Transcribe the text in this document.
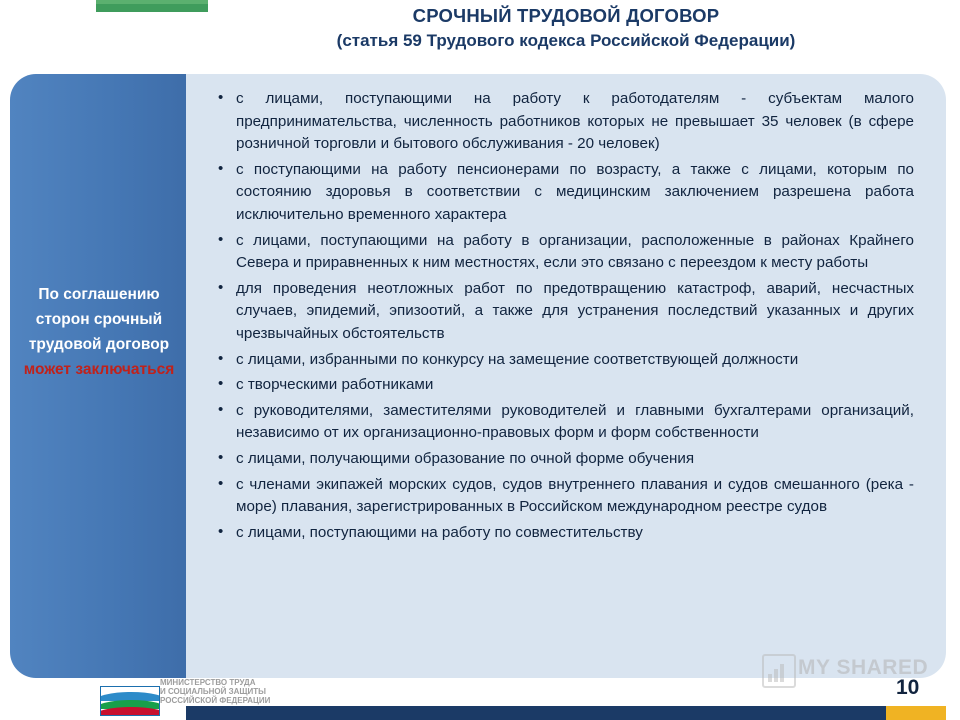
СРОЧНЫЙ ТРУДОВОЙ ДОГОВОР
(статья 59 Трудового кодекса Российской Федерации)
По соглашению сторон срочный трудовой договор может заключаться
• с лицами, поступающими на работу к работодателям - субъектам малого предпринимательства, численность работников которых не превышает 35 человек (в сфере розничной торговли и бытового обслуживания - 20 человек)
• с поступающими на работу пенсионерами по возрасту, а также с лицами, которым по состоянию здоровья в соответствии с медицинским заключением разрешена работа исключительно временного характера
• с лицами, поступающими на работу в организации, расположенные в районах Крайнего Севера и приравненных к ним местностях, если это связано с переездом к месту работы
• для проведения неотложных работ по предотвращению катастроф, аварий, несчастных случаев, эпидемий, эпизоотий, а также для устранения последствий указанных и других чрезвычайных обстоятельств
• с лицами, избранными по конкурсу на замещение соответствующей должности
• с творческими работниками
• с руководителями, заместителями руководителей и главными бухгалтерами организаций, независимо от их организационно-правовых форм и форм собственности
• с лицами, получающими образование по очной форме обучения
• с членами экипажей морских судов, судов внутреннего плавания и судов смешанного (река - море) плавания, зарегистрированных в Российском международном реестре судов
• с лицами, поступающими на работу по совместительству
МИНИСТЕРСТВО ТРУДА
И СОЦИАЛЬНОЙ ЗАЩИТЫ
РОССИЙСКОЙ ФЕДЕРАЦИИ
MY SHARED
10
